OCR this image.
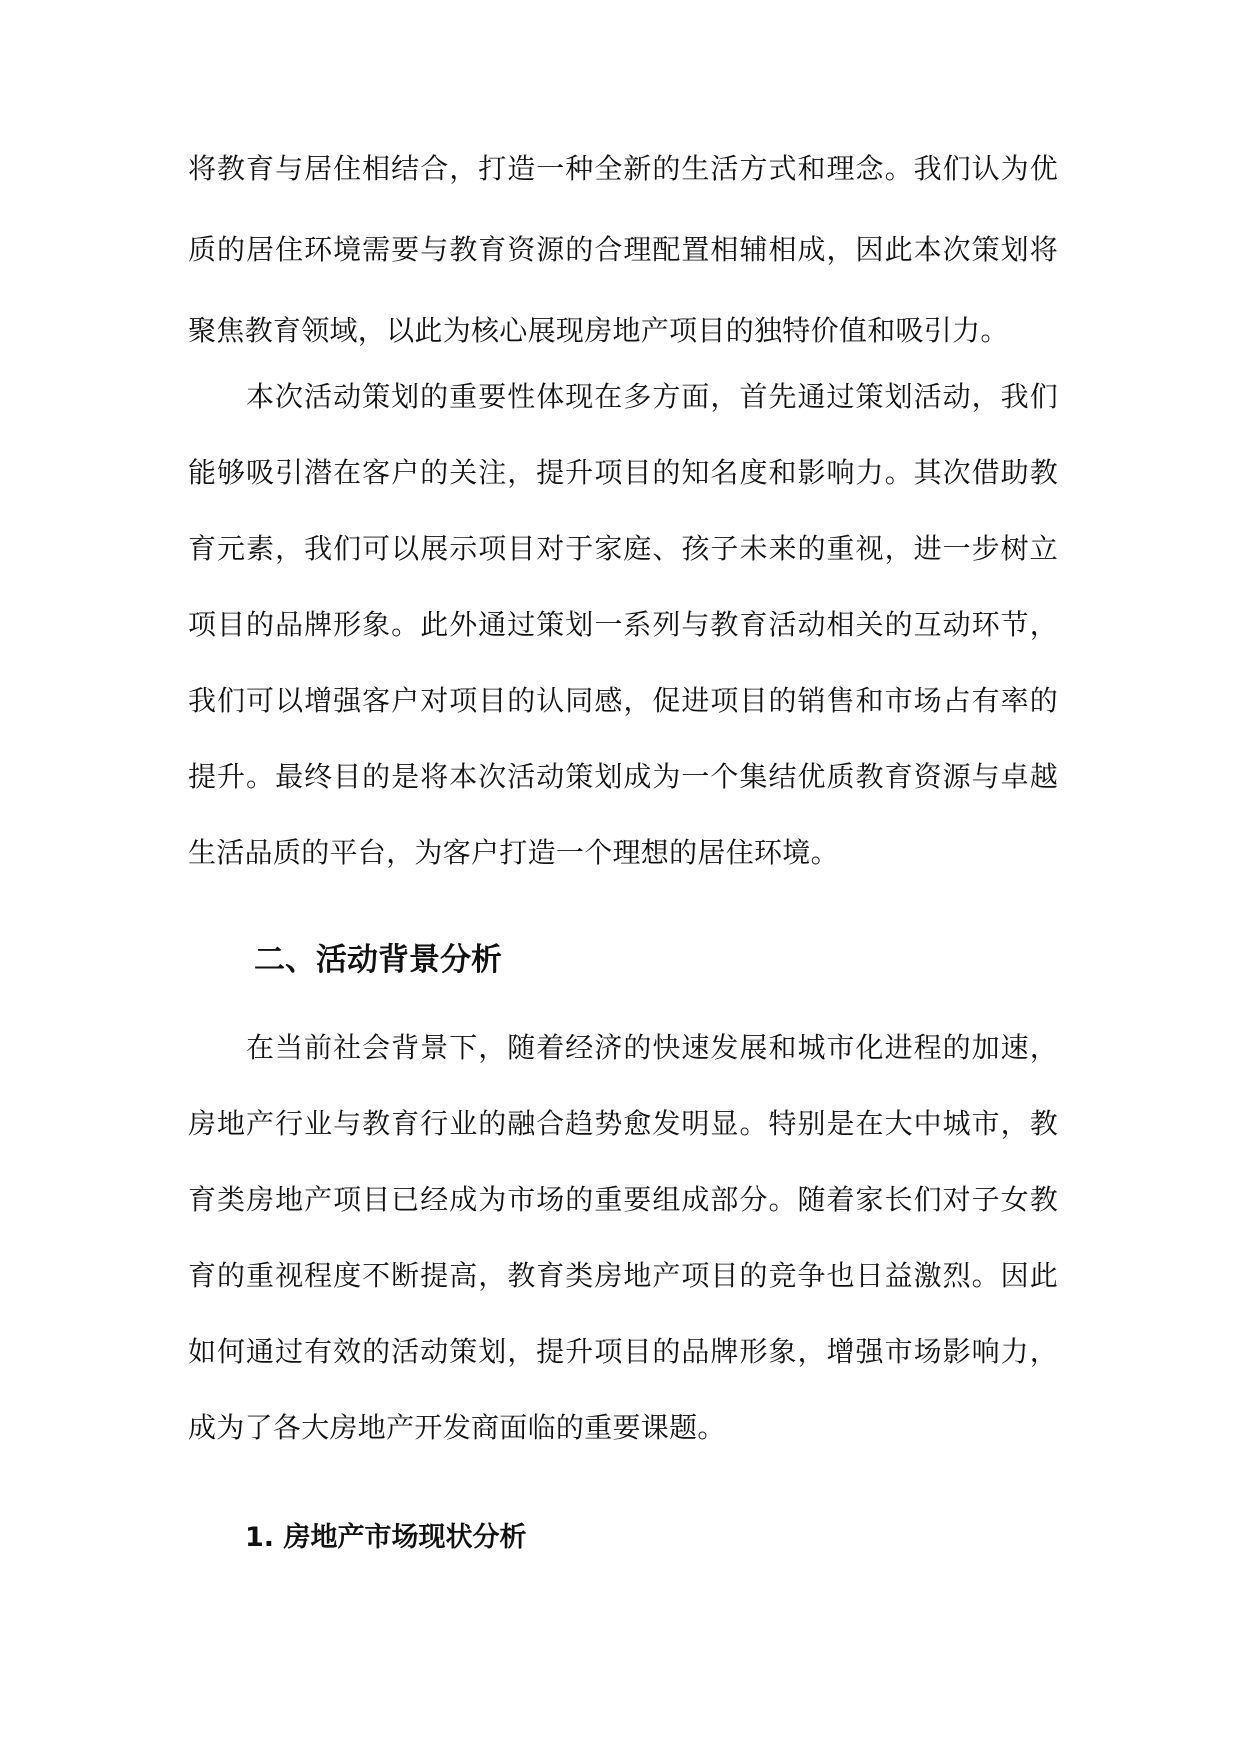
将教育与居住相结合，打造一种全新的生活方式和理念。我们认为优

质的居住环境需要与教育资源的合理配置相辅相成，因此本次策划将

聚焦教育领域，以此为核心展现房地产项目的独特价值和吸引力。

本次活动策划的重要性体现在多方面，首先通过策划活动，我们

能够吸引潜在客户的关注，提升项目的知名度和影响力。其次借助教

育元素，我们可以展示项目对于家庭、孩子未来的重视，进一步树立

项目的品牌形象。此外通过策划一系列与教育活动相关的互动环节，

我们可以增强客户对项目的认同感，促进项目的销售和市场占有率的

提升。最终目的是将本次活动策划成为一个集结优质教育资源与卓越

生活品质的平台，为客户打造一个理想的居住环境。

二、活动背景分析

在当前社会背景下，随着经济的快速发展和城市化进程的加速，

房地产行业与教育行业的融合趋势愈发明显。特别是在大中城市，教

育类房地产项目已经成为市场的重要组成部分。随着家长们对子女教

育的重视程度不断提高，教育类房地产项目的竞争也日益激烈。因此

如何通过有效的活动策划，提升项目的品牌形象，增强市场影响力，

成为了各大房地产开发商面临的重要课题。

1. 房地产市场现状分析
